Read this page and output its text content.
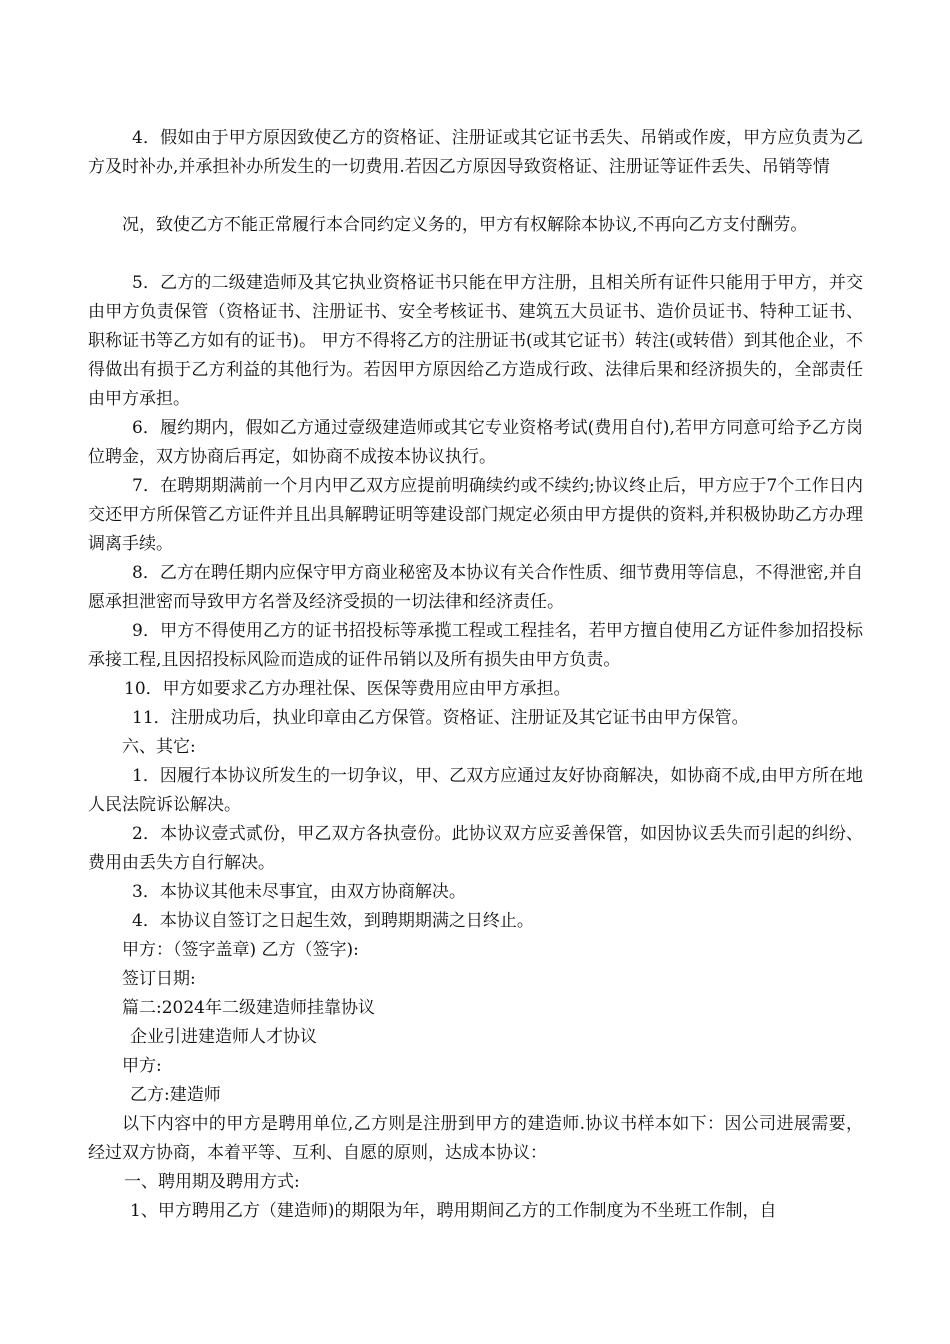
4．假如由于甲方原因致使乙方的资格证、注册证或其它证书丢失、吊销或作废，甲方应负责为乙方及时补办,并承担补办所发生的一切费用.若因乙方原因导致资格证、注册证等证件丢失、吊销等情

况，致使乙方不能正常履行本合同约定义务的，甲方有权解除本协议,不再向乙方支付酬劳。

5．乙方的二级建造师及其它执业资格证书只能在甲方注册，且相关所有证件只能用于甲方，并交由甲方负责保管（资格证书、注册证书、安全考核证书、建筑五大员证书、造价员证书、特种工证书、职称证书等乙方如有的证书)。 甲方不得将乙方的注册证书(或其它证书）转注(或转借）到其他企业，不得做出有损于乙方利益的其他行为。若因甲方原因给乙方造成行政、法律后果和经济损失的，全部责任由甲方承担。

6．履约期内，假如乙方通过壹级建造师或其它专业资格考试(费用自付),若甲方同意可给予乙方岗位聘金，双方协商后再定，如协商不成按本协议执行。

7．在聘期期满前一个月内甲乙双方应提前明确续约或不续约;协议终止后，甲方应于7个工作日内交还甲方所保管乙方证件并且出具解聘证明等建设部门规定必须由甲方提供的资料,并积极协助乙方办理调离手续。

8．乙方在聘任期内应保守甲方商业秘密及本协议有关合作性质、细节费用等信息，不得泄密,并自愿承担泄密而导致甲方名誉及经济受损的一切法律和经济责任。

9．甲方不得使用乙方的证书招投标等承揽工程或工程挂名，若甲方擅自使用乙方证件参加招投标承接工程,且因招投标风险而造成的证件吊销以及所有损失由甲方负责。

10．甲方如要求乙方办理社保、医保等费用应由甲方承担。

11．注册成功后，执业印章由乙方保管。资格证、注册证及其它证书由甲方保管。

六、其它:

1．因履行本协议所发生的一切争议，甲、乙双方应通过友好协商解决，如协商不成,由甲方所在地人民法院诉讼解决。

2．本协议壹式贰份，甲乙双方各执壹份。此协议双方应妥善保管，如因协议丢失而引起的纠纷、费用由丢失方自行解决。

3．本协议其他未尽事宜，由双方协商解决。

4．本协议自签订之日起生效，到聘期期满之日终止。

甲方：（签字盖章) 乙方（签字):

签订日期:

篇二:2024年二级建造师挂靠协议

企业引进建造师人才协议

甲方:

乙方:建造师

以下内容中的甲方是聘用单位,乙方则是注册到甲方的建造师.协议书样本如下：因公司进展需要，经过双方协商，本着平等、互利、自愿的原则，达成本协议：

一、聘用期及聘用方式:

1、甲方聘用乙方（建造师)的期限为年，聘用期间乙方的工作制度为不坐班工作制，自
